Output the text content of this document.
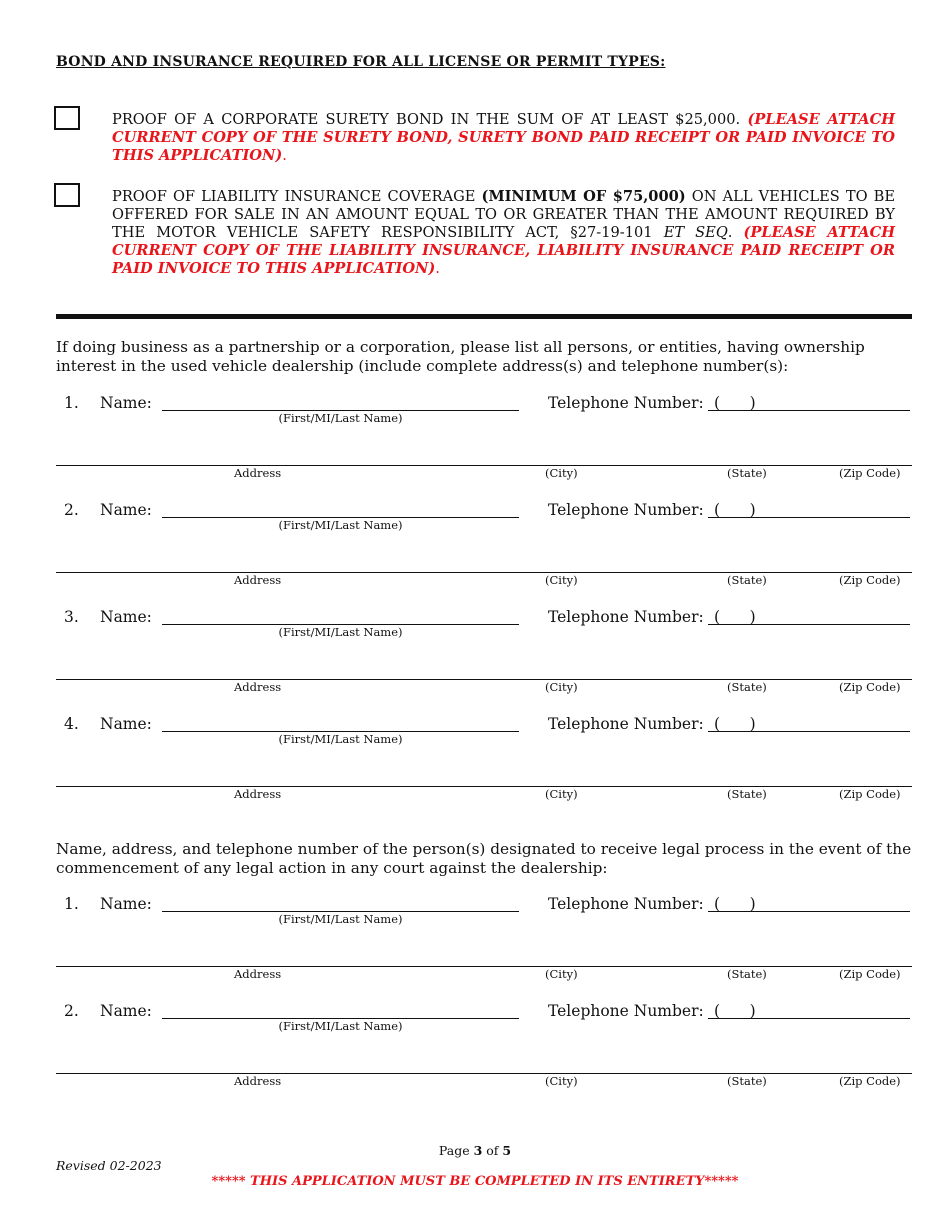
BOND AND INSURANCE REQUIRED FOR ALL LICENSE OR PERMIT TYPES:
PROOF OF A CORPORATE SURETY BOND IN THE SUM OF AT LEAST $25,000. (PLEASE ATTACH CURRENT COPY OF THE SURETY BOND, SURETY BOND PAID RECEIPT OR PAID INVOICE TO THIS APPLICATION).
PROOF OF LIABILITY INSURANCE COVERAGE (MINIMUM OF $75,000) ON ALL VEHICLES TO BE OFFERED FOR SALE IN AN AMOUNT EQUAL TO OR GREATER THAN THE AMOUNT REQUIRED BY THE MOTOR VEHICLE SAFETY RESPONSIBILITY ACT, §27-19-101 ET SEQ. (PLEASE ATTACH CURRENT COPY OF THE LIABILITY INSURANCE, LIABILITY INSURANCE PAID RECEIPT OR PAID INVOICE TO THIS APPLICATION).
If doing business as a partnership or a corporation, please list all persons, or entities, having ownership interest in the used vehicle dealership (include complete address(s) and telephone number(s):
1. Name:
(First/MI/Last Name)
Telephone Number: (      )
Address	(City)	(State)	(Zip Code)
2. Name:
(First/MI/Last Name)
Telephone Number: (      )
Address	(City)	(State)	(Zip Code)
3. Name:
(First/MI/Last Name)
Telephone Number: (      )
Address	(City)	(State)	(Zip Code)
4. Name:
(First/MI/Last Name)
Telephone Number: (      )
Address	(City)	(State)	(Zip Code)
Name, address, and telephone number of the person(s) designated to receive legal process in the event of the commencement of any legal action in any court against the dealership:
1. Name:
(First/MI/Last Name)
Telephone Number: (      )
Address	(City)	(State)	(Zip Code)
2. Name:
(First/MI/Last Name)
Telephone Number: (      )
Address	(City)	(State)	(Zip Code)
Page 3 of 5
Revised 02-2023
***** THIS APPLICATION MUST BE COMPLETED IN ITS ENTIRETY*****
